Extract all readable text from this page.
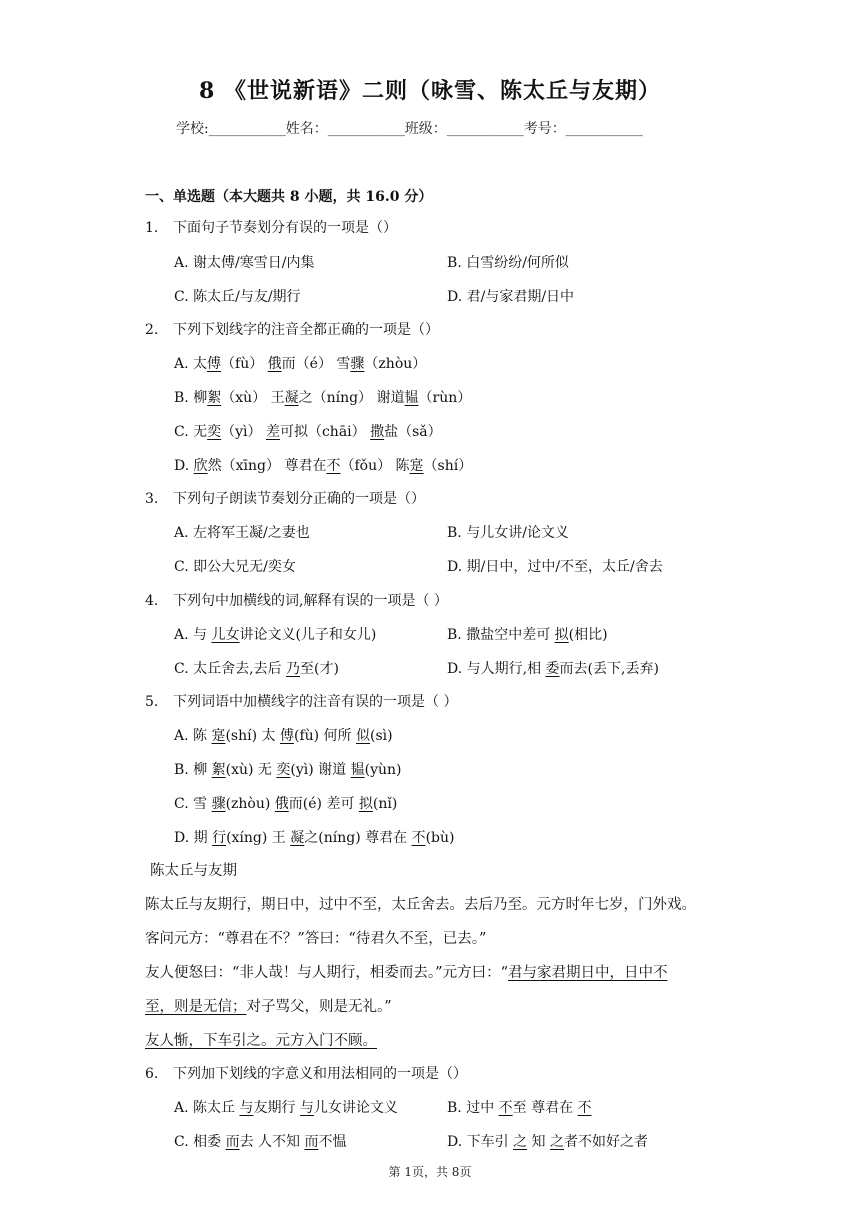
8 《世说新语》二则（咏雪、陈太丘与友期）
学校:___________姓名：___________班级：___________考号：___________
一、单选题（本大题共 8 小题，共 16.0 分）
1. 下面句子节奏划分有误的一项是（）
A. 谢太傅/寒雪日/内集	B. 白雪纷纷/何所似
C. 陈太丘/与友/期行	D. 君/与家君期/日中
2. 下列下划线字的注音全都正确的一项是（）
A. 太傅（fù） 俄而（é） 雪骤（zhòu）
B. 柳絮（xù） 王凝之（níng） 谢道韫（rùn）
C. 无奕（yì） 差可拟（chāi） 撒盐（sǎ）
D. 欣然（xīng） 尊君在不（fǒu） 陈寔（shí）
3. 下列句子朗读节奏划分正确的一项是（）
A. 左将军王凝/之妻也	B. 与儿女讲/论文义
C. 即公大兄无/奕女	D. 期/日中，过中/不至，太丘/舍去
4. 下列句中加横线的词,解释有误的一项是（ ）
A. 与 儿女讲论文义(儿子和女儿)	B. 撒盐空中差可 拟(相比)
C. 太丘舍去,去后 乃至(才)	D. 与人期行,相 委而去(丢下,丢弃)
5. 下列词语中加横线字的注音有误的一项是（ ）
A. 陈 寔(shí) 太 傅(fù) 何所 似(sì)
B. 柳 絮(xù) 无 奕(yì) 谢道 韫(yùn)
C. 雪 骤(zhòu) 俄而(é) 差可 拟(nǐ)
D. 期 行(xíng) 王 凝之(níng) 尊君在 不(bù)
陈太丘与友期
陈太丘与友期行，期日中，过中不至，太丘舍去。去后乃至。元方时年七岁，门外戏。
客问元方：“尊君在不？”答曰：“待君久不至，已去。”
友人便怒曰：“非人哉！与人期行，相委而去。”元方曰：“君与家君期日中，日中不
至，则是无信；对子骂父，则是无礼。”
友人惭，下车引之。元方入门不顾。
6. 下列加下划线的字意义和用法相同的一项是（）
A. 陈太丘 与友期行 与儿女讲论文义	B. 过中 不至 尊君在 不
C. 相委 而去 人不知 而不愠	D. 下车引 之 知 之者不如好之者
第 1页，共 8页
